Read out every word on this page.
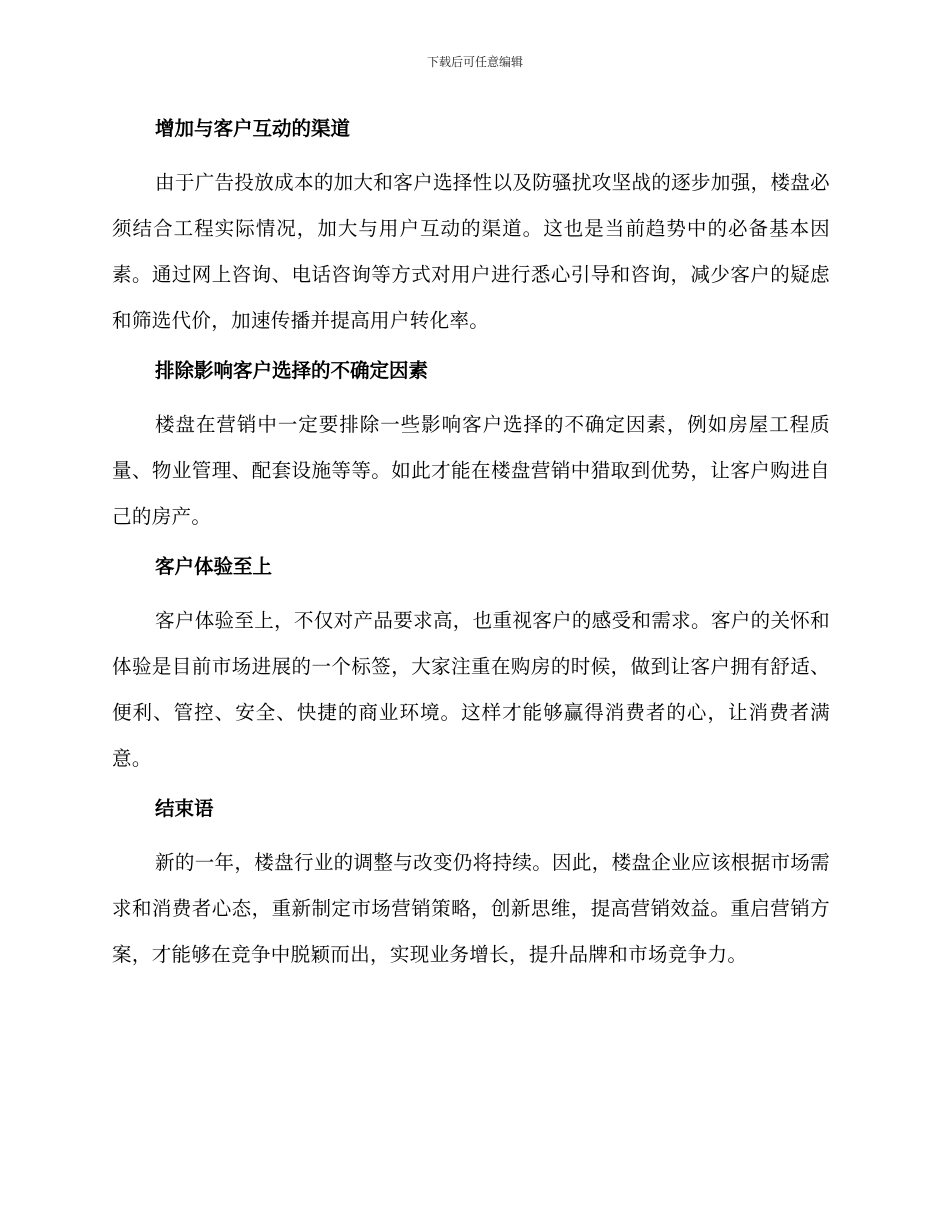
下载后可任意编辑
增加与客户互动的渠道

由于广告投放成本的加大和客户选择性以及防骚扰攻坚战的逐步加强，楼盘必须结合工程实际情况，加大与用户互动的渠道。这也是当前趋势中的必备基本因素。通过网上咨询、电话咨询等方式对用户进行悉心引导和咨询，减少客户的疑虑和筛选代价，加速传播并提高用户转化率。

排除影响客户选择的不确定因素

楼盘在营销中一定要排除一些影响客户选择的不确定因素，例如房屋工程质量、物业管理、配套设施等等。如此才能在楼盘营销中猎取到优势，让客户购进自己的房产。

客户体验至上

客户体验至上，不仅对产品要求高，也重视客户的感受和需求。客户的关怀和体验是目前市场进展的一个标签，大家注重在购房的时候，做到让客户拥有舒适、便利、管控、安全、快捷的商业环境。这样才能够赢得消费者的心，让消费者满意。

结束语

新的一年，楼盘行业的调整与改变仍将持续。因此，楼盘企业应该根据市场需求和消费者心态，重新制定市场营销策略，创新思维，提高营销效益。重启营销方案，才能够在竞争中脱颖而出，实现业务增长，提升品牌和市场竞争力。
